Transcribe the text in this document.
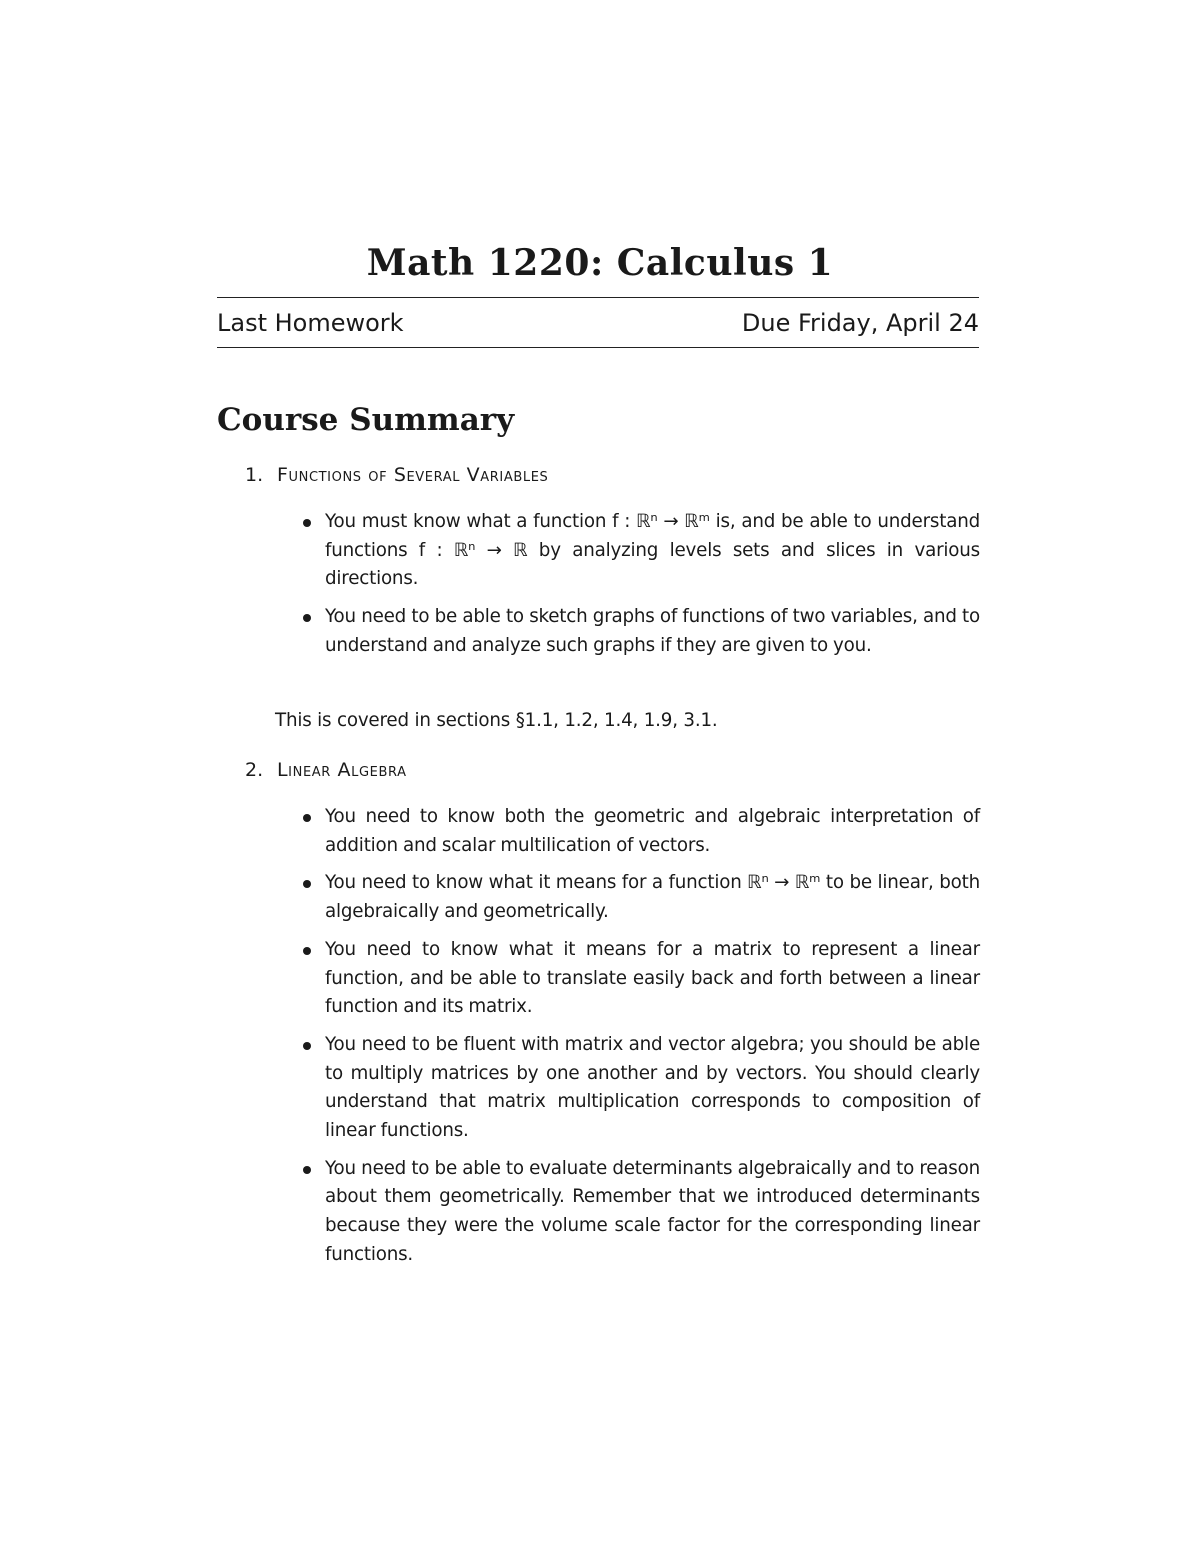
Math 1220: Calculus 1
Last Homework	Due Friday, April 24
Course Summary
1. Functions of Several Variables
You must know what a function f : ℝⁿ → ℝᵐ is, and be able to understand functions f : ℝⁿ → ℝ by analyzing levels sets and slices in various directions.
You need to be able to sketch graphs of functions of two variables, and to understand and analyze such graphs if they are given to you.
This is covered in sections §1.1, 1.2, 1.4, 1.9, 3.1.
2. Linear Algebra
You need to know both the geometric and algebraic interpretation of addition and scalar multilication of vectors.
You need to know what it means for a function ℝⁿ → ℝᵐ to be linear, both algebraically and geometrically.
You need to know what it means for a matrix to represent a linear function, and be able to translate easily back and forth between a linear function and its matrix.
You need to be fluent with matrix and vector algebra; you should be able to multiply matrices by one another and by vectors. You should clearly understand that matrix multiplication corresponds to composition of linear functions.
You need to be able to evaluate determinants algebraically and to reason about them geometrically. Remember that we introduced determinants because they were the volume scale factor for the corresponding linear functions.
